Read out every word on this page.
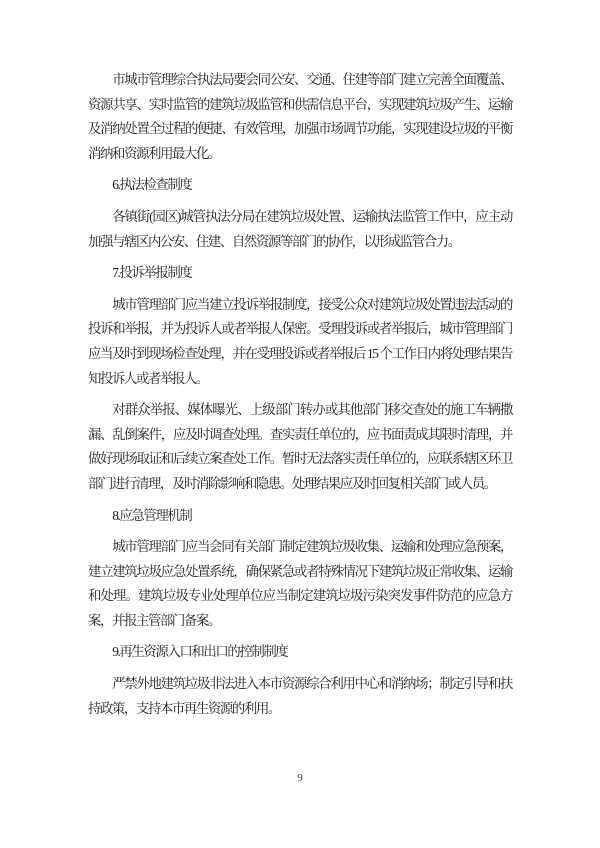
市城市管理综合执法局要会同公安、交通、住建等部门建立完善全面覆盖、资源共享、实时监管的建筑垃圾监管和供需信息平台，实现建筑垃圾产生、运输及消纳处置全过程的便捷、有效管理，加强市场调节功能，实现建设垃圾的平衡消纳和资源利用最大化。

6.执法检查制度

各镇街(园区)城管执法分局在建筑垃圾处置、运输执法监管工作中，应主动加强与辖区内公安、住建、自然资源等部门的协作，以形成监管合力。

7.投诉举报制度

城市管理部门应当建立投诉举报制度，接受公众对建筑垃圾处置违法活动的投诉和举报，并为投诉人或者举报人保密。受理投诉或者举报后，城市管理部门应当及时到现场检查处理，并在受理投诉或者举报后 15 个工作日内将处理结果告知投诉人或者举报人。

对群众举报、媒体曝光、上级部门转办或其他部门移交查处的施工车辆撒漏、乱倒案件，应及时调查处理。查实责任单位的，应书面责成其限时清理，并做好现场取证和后续立案查处工作。暂时无法落实责任单位的，应联系辖区环卫部门进行清理，及时消除影响和隐患。处理结果应及时回复相关部门或人员。

8.应急管理机制

城市管理部门应当会同有关部门制定建筑垃圾收集、运输和处理应急预案，建立建筑垃圾应急处置系统，确保紧急或者特殊情况下建筑垃圾正常收集、运输和处理。建筑垃圾专业处理单位应当制定建筑垃圾污染突发事件防范的应急方案，并报主管部门备案。

9.再生资源入口和出口的控制制度

严禁外地建筑垃圾非法进入本市资源综合利用中心和消纳场；制定引导和扶持政策，支持本市再生资源的利用。

9
